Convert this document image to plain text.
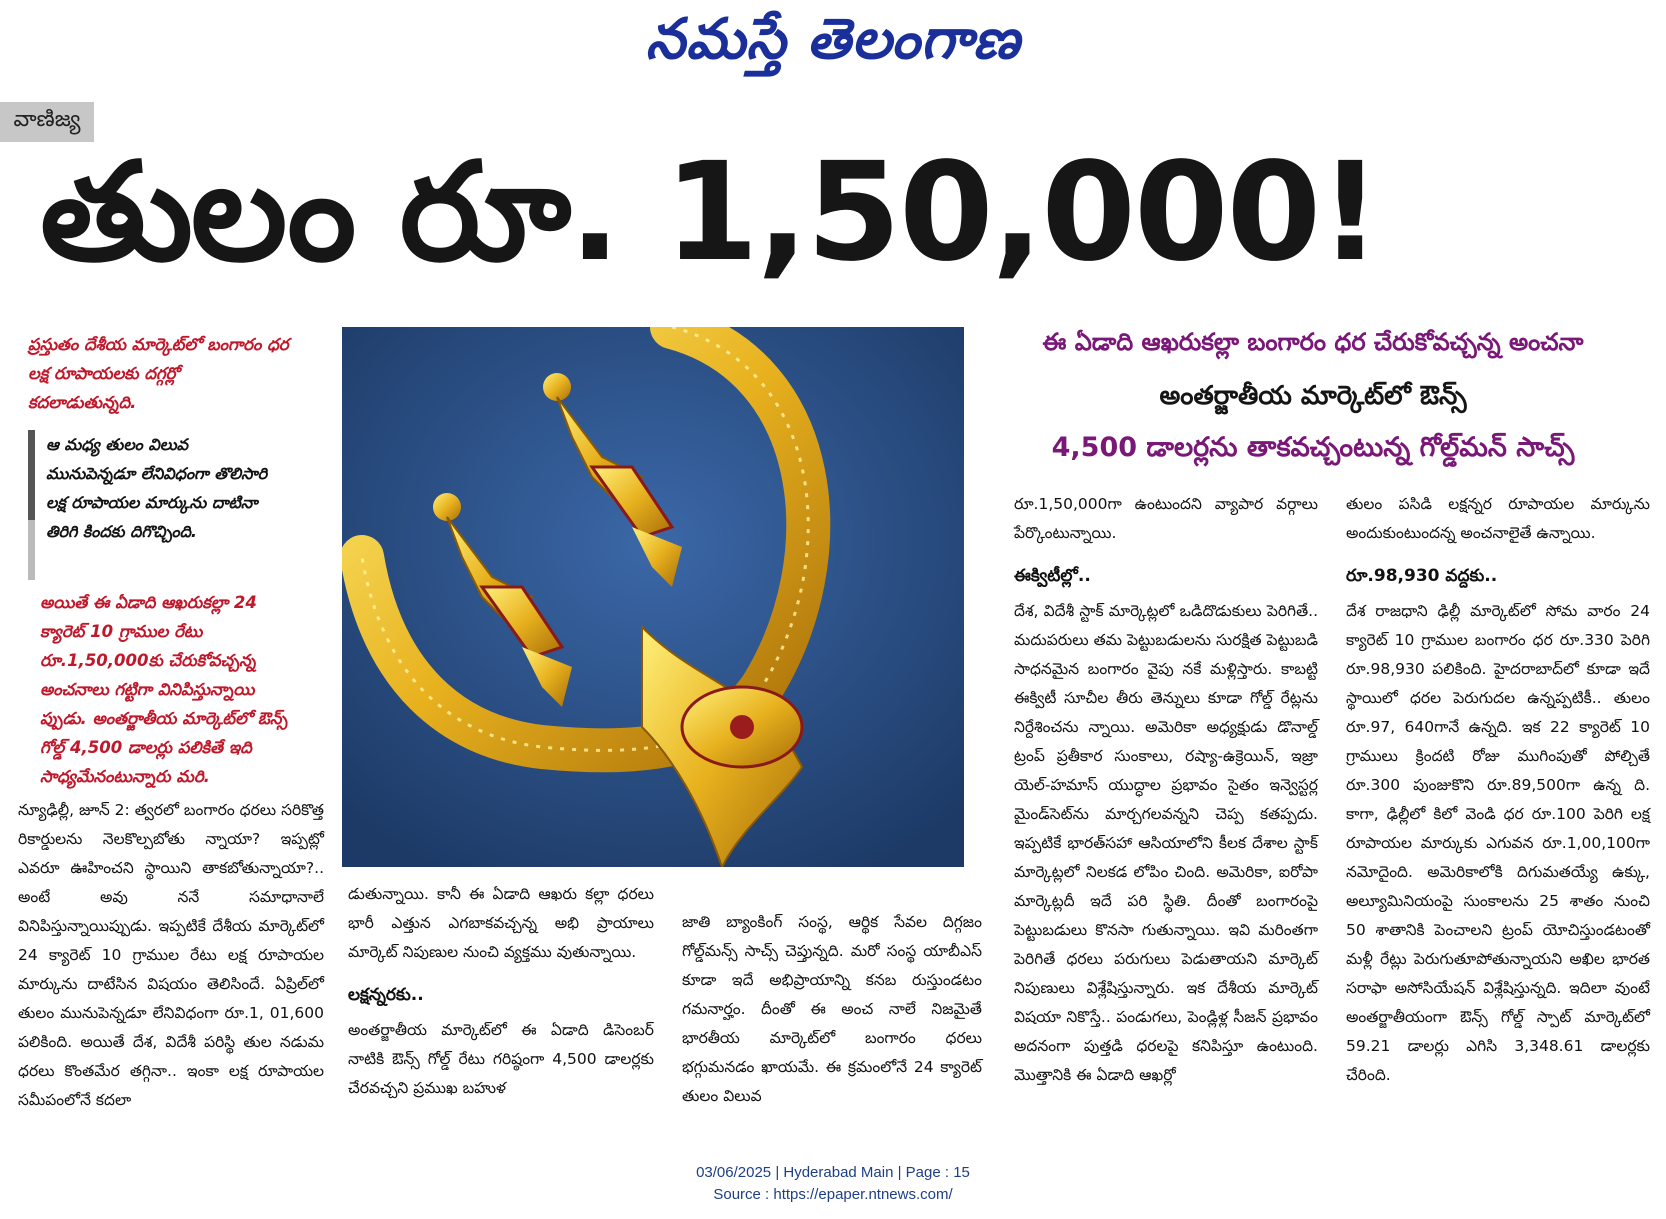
నమస్తే తెలంగాణ
వాణిజ్య
తులం రూ. 1,50,000!
ప్రస్తుతం దేశీయ మార్కెట్‌లో బంగారం ధర లక్ష రూపాయలకు దగ్గర్లో కదలాడుతున్నది.
ఆ మధ్య తులం విలువ మునుపెన్నడూ లేనివిధంగా తొలిసారి లక్ష రూపాయల మార్కును దాటినా తిరిగి కిందకు దిగొచ్చింది.
అయితే ఈ ఏడాది ఆఖరుకల్లా 24 క్యారెట్ 10 గ్రాముల రేటు రూ.1,50,000కు చేరుకోవచ్చన్న అంచనాలు గట్టిగా వినిపిస్తున్నాయి ప్పుడు. అంతర్జాతీయ మార్కెట్‌లో ఔన్స్ గోల్డ్ 4,500 డాలర్లు పలికితే ఇది సాధ్యమేనంటున్నారు మరి.

న్యూఢిల్లీ, జూన్ 2: త్వరలో బంగారం ధరలు సరికొత్త రికార్డులను నెలకొల్పబోతు న్నాయా? ఇప్పట్లో ఎవరూ ఊహించని స్థాయిని తాకబోతున్నాయా?.. అంటే అవు ననే సమాధానాలే వినిపిస్తున్నాయిప్పుడు. ఇప్పటికే దేశీయ మార్కెట్‌లో 24 క్యారెట్ 10 గ్రాముల రేటు లక్ష రూపాయల మార్కును దాటేసిన విషయం తెలిసిందే. ఏప్రిల్‌లో తులం మునుపెన్నడూ లేనివిధంగా రూ.1, 01,600 పలికింది. అయితే దేశ, విదేశీ పరిస్థి తుల నడుమ ధరలు కొంతమేర తగ్గినా.. ఇంకా లక్ష రూపాయల సమీపంలోనే కదలా

ఈ ఏడాది ఆఖరుకల్లా బంగారం ధర చేరుకోవచ్చన్న అంచనా
అంతర్జాతీయ మార్కెట్‌లో ఔన్స్
4,500 డాలర్లను తాకవచ్చంటున్న గోల్డ్‌మన్ సాచ్స్

డుతున్నాయి. కానీ ఈ ఏడాది ఆఖరు కల్లా ధరలు భారీ ఎత్తున ఎగబాకవచ్చన్న అభి ప్రాయాలు మార్కెట్ నిపుణుల నుంచి వ్యక్తము వుతున్నాయి.

లక్షన్నరకు..

అంతర్జాతీయ మార్కెట్‌లో ఈ ఏడాది డిసెంబర్ నాటికి ఔన్స్ గోల్డ్ రేటు గరిష్ఠంగా 4,500 డాలర్లకు చేరవచ్చని ప్రముఖ బహుళ

జాతి బ్యాంకింగ్ సంస్థ, ఆర్థిక సేవల దిగ్గజం గోల్డ్‌మన్స్ సాచ్స్ చెప్తున్నది. మరో సంస్థ యాబీఎస్ కూడా ఇదే అభిప్రాయాన్ని కనబ రుస్తుండటం గమనార్హం. దీంతో ఈ అంచ నాలే నిజమైతే భారతీయ మార్కెట్‌లో బంగారం ధరలు భగ్గుమనడం ఖాయమే. ఈ క్రమంలోనే 24 క్యారెట్ తులం విలువ

రూ.1,50,000గా ఉంటుందని వ్యాపార వర్గాలు పేర్కొంటున్నాయి.

ఈక్విటీల్లో..

దేశ, విదేశీ స్టాక్ మార్కెట్లలో ఒడిదొడుకులు పెరిగితే.. మదుపరులు తమ పెట్టుబడులను సురక్షిత పెట్టుబడి సాధనమైన బంగారం వైపు నకే మళ్లిస్తారు. కాబట్టి ఈక్విటీ సూచీల తీరు తెన్నులు కూడా గోల్డ్ రేట్లను నిర్దేశించను న్నాయి. అమెరికా అధ్యక్షుడు డొనాల్డ్ ట్రంప్ ప్రతీకార సుంకాలు, రష్యా-ఉక్రెయిన్, ఇజ్రా యెల్-హమాస్ యుద్ధాల ప్రభావం సైతం ఇన్వెస్టర్ల మైండ్‌సెట్‌ను మార్చగలవన్నని చెప్ప కతప్పదు. ఇప్పటికే భారత్‌సహా ఆసియాలోని కీలక దేశాల స్టాక్ మార్కెట్లలో నిలకడ లోపిం చింది. అమెరికా, ఐరోపా మార్కెట్లదీ ఇదే పరి స్థితి. దీంతో బంగారంపై పెట్టుబడులు కొనసా గుతున్నాయి. ఇవి మరింతగా పెరిగితే ధరలు పరుగులు పెడుతాయని మార్కెట్ నిపుణులు విశ్లేషిస్తున్నారు. ఇక దేశీయ మార్కెట్ విషయా నికొస్తే.. పండుగలు, పెండ్లిళ్ల సీజన్ ప్రభావం అదనంగా పుత్తడి ధరలపై కనిపిస్తూ ఉంటుంది. మొత్తానికి ఈ ఏడాది ఆఖర్లో

తులం పసిడి లక్షన్నర రూపాయల మార్కును అందుకుంటుందన్న అంచనాలైతే ఉన్నాయి.

రూ.98,930 వద్దకు..

దేశ రాజధాని ఢిల్లీ మార్కెట్‌లో సోమ వారం 24 క్యారెట్ 10 గ్రాముల బంగారం ధర రూ.330 పెరిగి రూ.98,930 పలికింది. హైదరాబాద్‌లో కూడా ఇదే స్థాయిలో ధరల పెరుగుదల ఉన్నప్పటికీ.. తులం రూ.97, 640గానే ఉన్నది. ఇక 22 క్యారెట్ 10 గ్రాములు క్రిందటి రోజు ముగింపుతో పోల్చితే రూ.300 పుంజుకొని రూ.89,500గా ఉన్న ది. కాగా, ఢిల్లీలో కిలో వెండి ధర రూ.100 పెరిగి లక్ష రూపాయల మార్కుకు ఎగువన రూ.1,00,100గా నమోదైంది. అమెరికాలోకి దిగుమతయ్యే ఉక్కు, అల్యూమినియంపై సుంకాలను 25 శాతం నుంచి 50 శాతానికి పెంచాలని ట్రంప్ యోచిస్తుండటంతో మళ్లీ రేట్లు పెరుగుతూపోతున్నాయని అఖిల భారత సరాఫా అసోసియేషన్ విశ్లేషిస్తున్నది. ఇదిలా వుంటే అంతర్జాతీయంగా ఔన్స్ గోల్డ్ స్పాట్ మార్కెట్‌లో 59.21 డాలర్లు ఎగిసి 3,348.61 డాలర్లకు చేరింది.

03/06/2025 | Hyderabad Main | Page : 15
Source : https://epaper.ntnews.com/
